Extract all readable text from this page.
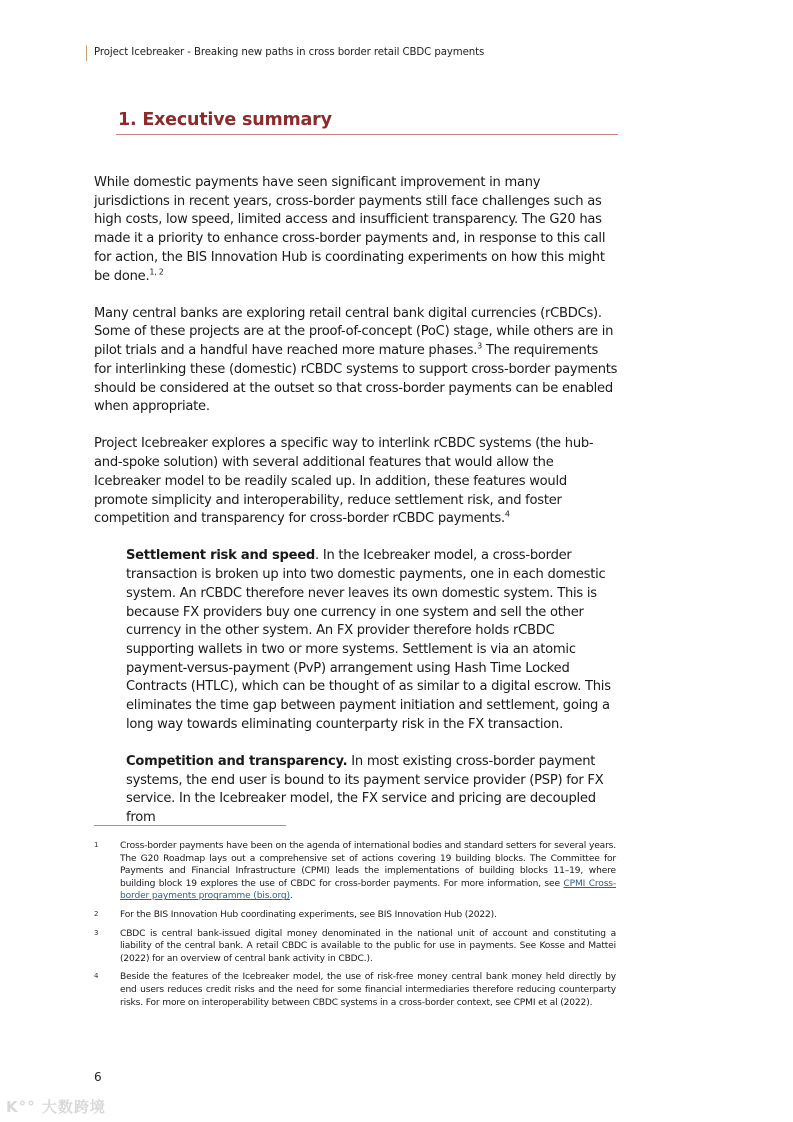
Project Icebreaker - Breaking new paths in cross border retail CBDC payments
1. Executive summary

While domestic payments have seen significant improvement in many jurisdictions in recent years, cross-border payments still face challenges such as high costs, low speed, limited access and insufficient transparency. The G20 has made it a priority to enhance cross-border payments and, in response to this call for action, the BIS Innovation Hub is coordinating experiments on how this might be done.$^{1, 2}$

Many central banks are exploring retail central bank digital currencies (rCBDCs). Some of these projects are at the proof-of-concept (PoC) stage, while others are in pilot trials and a handful have reached more mature phases.$^3$ The requirements for interlinking these (domestic) rCBDC systems to support cross-border payments should be considered at the outset so that cross-border payments can be enabled when appropriate.

Project Icebreaker explores a specific way to interlink rCBDC systems (the hub-and-spoke solution) with several additional features that would allow the Icebreaker model to be readily scaled up. In addition, these features would promote simplicity and interoperability, reduce settlement risk, and foster competition and transparency for cross-border rCBDC payments.$^4$

Settlement risk and speed. In the Icebreaker model, a cross-border transaction is broken up into two domestic payments, one in each domestic system. An rCBDC therefore never leaves its own domestic system. This is because FX providers buy one currency in one system and sell the other currency in the other system. An FX provider therefore holds rCBDC supporting wallets in two or more systems. Settlement is via an atomic payment-versus-payment (PvP) arrangement using Hash Time Locked Contracts (HTLC), which can be thought of as similar to a digital escrow. This eliminates the time gap between payment initiation and settlement, going a long way towards eliminating counterparty risk in the FX transaction.

Competition and transparency. In most existing cross-border payment systems, the end user is bound to its payment service provider (PSP) for FX service. In the Icebreaker model, the FX service and pricing are decoupled from

1	Cross-border payments have been on the agenda of international bodies and standard setters for several years. The G20 Roadmap lays out a comprehensive set of actions covering 19 building blocks. The Committee for Payments and Financial Infrastructure (CPMI) leads the implementations of building blocks 11–19, where building block 19 explores the use of CBDC for cross-border payments. For more information, see CPMI Cross-border payments programme (bis.org).
2	For the BIS Innovation Hub coordinating experiments, see BIS Innovation Hub (2022).
3	CBDC is central bank-issued digital money denominated in the national unit of account and constituting a liability of the central bank. A retail CBDC is available to the public for use in payments. See Kosse and Mattei (2022) for an overview of central bank activity in CBDC.).
4	Beside the features of the Icebreaker model, the use of risk-free money central bank money held directly by end users reduces credit risks and the need for some financial intermediaries therefore reducing counterparty risks. For more on interoperability between CBDC systems in a cross-border context, see CPMI et al (2022).
6
K°° 大数跨境
